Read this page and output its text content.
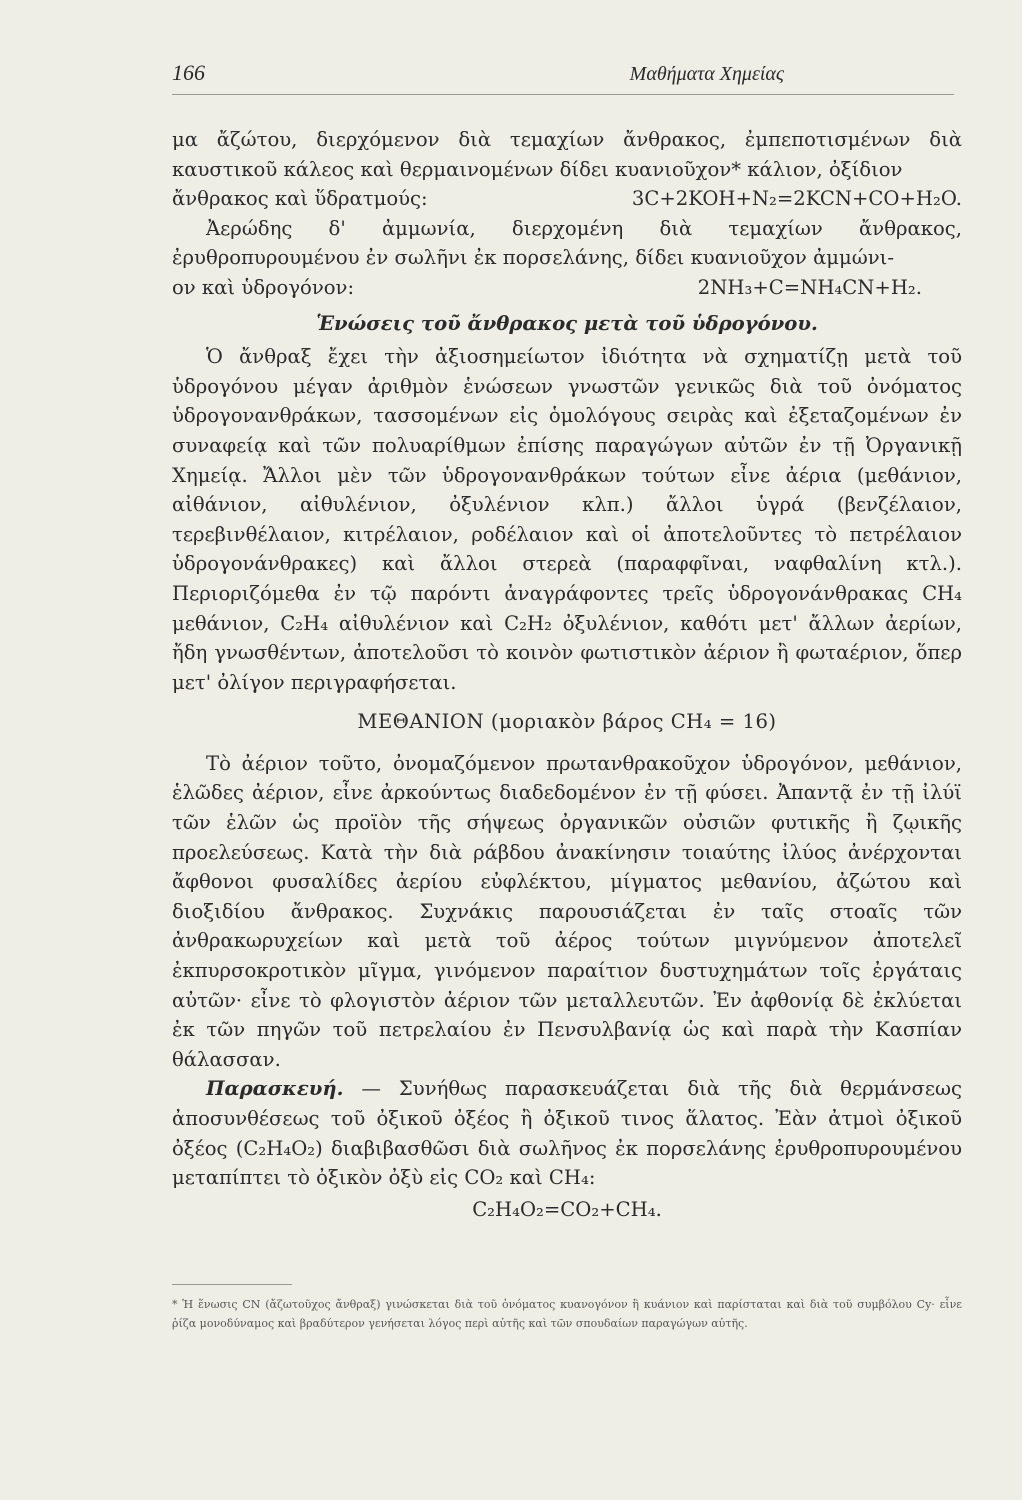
166	Μαθήματα Χημείας

μα ἄζώτου, διερχόμενον διὰ τεμαχίων ἄνθρακος, ἐμπεποτισμένων διὰ καυστικοῦ κάλεος καὶ θερμαινομένων δίδει κυανιοῦχον* κάλιον, ὀξίδιον

ἄνθρακος καὶ ὕδρατμούς:	3C+2KOH+N₂=2KCN+CO+H₂O.

Ἀερώδης δ' ἀμμωνία, διερχομένη διὰ τεμαχίων ἄνθρακος, ἐρυθροπυρουμένου ἐν σωλῆνι ἐκ πορσελάνης, δίδει κυανιοῦχον ἀμμώνι-

ον καὶ ὑδρογόνον:	2NH₃+C=NH₄CN+H₂.
Ἑνώσεις τοῦ ἄνθρακος μετὰ τοῦ ὑδρογόνου.

Ὁ ἄνθραξ ἔχει τὴν ἀξιοσημείωτον ἰδιότητα νὰ σχηματίζῃ μετὰ τοῦ ὑδρογόνου μέγαν ἀριθμὸν ἑνώσεων γνωστῶν γενικῶς διὰ τοῦ ὀνόματος ὑδρογονανθράκων, τασσομένων εἰς ὁμολόγους σειρὰς καὶ ἐξεταζομένων ἐν συναφείᾳ καὶ τῶν πολυαρίθμων ἐπίσης παραγώγων αὐτῶν ἐν τῇ Ὀργανικῇ Χημείᾳ. Ἄλλοι μὲν τῶν ὑδρογονανθράκων τούτων εἶνε ἀέρια (μεθάνιον, αἰθάνιον, αἰθυλένιον, ὀξυλένιον κλπ.) ἄλλοι ὑγρά (βενζέλαιον, τερεβινθέλαιον, κιτρέλαιον, ροδέλαιον καὶ οἱ ἀποτελοῦντες τὸ πετρέλαιον ὑδρογονάνθρακες) καὶ ἄλλοι στερεὰ (παραφφῖναι, ναφθαλίνη κτλ.). Περιοριζόμεθα ἐν τῷ παρόντι ἀναγράφοντες τρεῖς ὑδρογονάνθρακας CH₄ μεθάνιον, C₂H₄ αἰθυλένιον καὶ C₂H₂ ὀξυλένιον, καθότι μετ' ἄλλων ἀερίων, ἤδη γνωσθέντων, ἀποτελοῦσι τὸ κοινὸν φωτιστικὸν ἀέριον ἢ φωταέριον, ὅπερ μετ' ὀλίγον περιγραφήσεται.

ΜΕΘΑΝΙΟΝ (μοριακὸν βάρος CH₄ = 16)

Τὸ ἀέριον τοῦτο, ὀνομαζόμενον πρωτανθρακοῦχον ὑδρογόνον, μεθάνιον, ἑλῶδες ἀέριον, εἶνε ἀρκούντως διαδεδομένον ἐν τῇ φύσει. Ἀπαντᾷ ἐν τῇ ἰλύϊ τῶν ἑλῶν ὡς προϊὸν τῆς σήψεως ὀργανικῶν οὐσιῶν φυτικῆς ἢ ζῳικῆς προελεύσεως. Κατὰ τὴν διὰ ράβδου ἀνακίνησιν τοιαύτης ἰλύος ἀνέρχονται ἄφθονοι φυσαλίδες ἀερίου εὐφλέκτου, μίγματος μεθανίου, ἀζώτου καὶ διοξιδίου ἄνθρακος. Συχνάκις παρουσιάζεται ἐν ταῖς στοαῖς τῶν ἀνθρακωρυχείων καὶ μετὰ τοῦ ἀέρος τούτων μιγνύμενον ἀποτελεῖ ἐκπυρσοκροτικὸν μῖγμα, γινόμενον παραίτιον δυστυχημάτων τοῖς ἐργάταις αὐτῶν· εἶνε τὸ φλογιστὸν ἀέριον τῶν μεταλλευτῶν. Ἐν ἀφθονίᾳ δὲ ἐκλύεται ἐκ τῶν πηγῶν τοῦ πετρελαίου ἐν Πενσυλβανίᾳ ὡς καὶ παρὰ τὴν Κασπίαν θάλασσαν.

Παρασκευή. — Συνήθως παρασκευάζεται διὰ τῆς διὰ θερμάνσεως ἀποσυνθέσεως τοῦ ὀξικοῦ ὀξέος ἢ ὀξικοῦ τινος ἅλατος. Ἐὰν ἀτμοὶ ὀξικοῦ ὀξέος (C₂H₄O₂) διαβιβασθῶσι διὰ σωλῆνος ἐκ πορσελάνης ἐρυθροπυρουμένου μεταπίπτει τὸ ὀξικὸν ὀξὺ εἰς CO₂ καὶ CH₄:

C₂H₄O₂=CO₂+CH₄.
* Ἡ ἕνωσις CN (ἄζωτοῦχος ἄνθραξ) γινώσκεται διὰ τοῦ ὀνόματος κυανογόνον ἢ κυάνιον καὶ παρίσταται καὶ διὰ τοῦ συμβόλου Cy· εἶνε ῥίζα μονοδύναμος καὶ βραδύτερον γενήσεται λόγος περὶ αὐτῆς καὶ τῶν σπουδαίων παραγώγων αὐτῆς.
